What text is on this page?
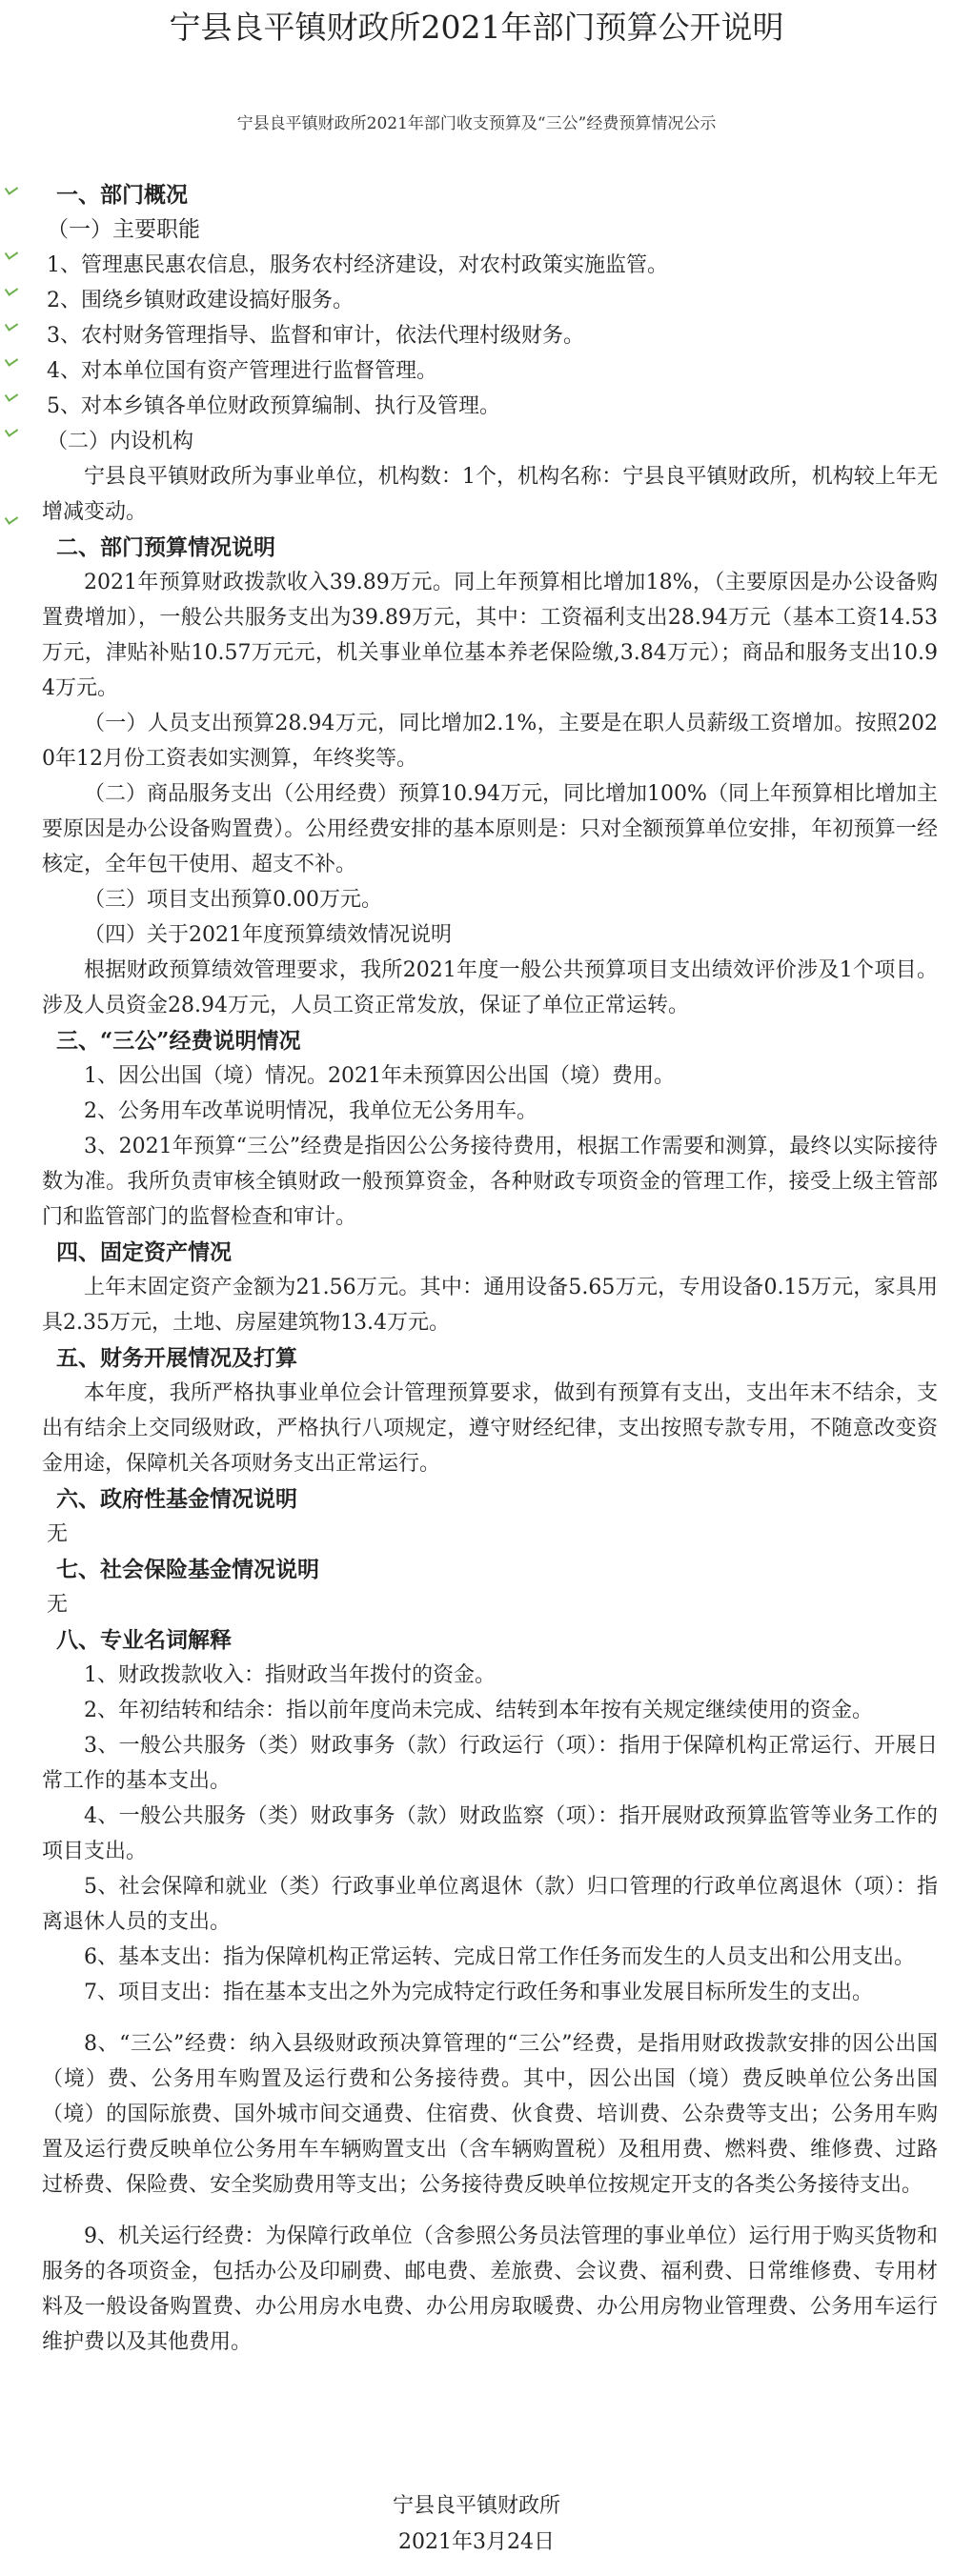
宁县良平镇财政所2021年部门预算公开说明
宁县良平镇财政所2021年部门收支预算及“三公”经费预算情况公示

一、部门概况

（一）主要职能

1、管理惠民惠农信息，服务农村经济建设，对农村政策实施监管。

2、围绕乡镇财政建设搞好服务。

3、农村财务管理指导、监督和审计，依法代理村级财务。

4、对本单位国有资产管理进行监督管理。

5、对本乡镇各单位财政预算编制、执行及管理。

（二）内设机构

宁县良平镇财政所为事业单位，机构数：1个，机构名称：宁县良平镇财政所，机构较上年无增减变动。

二、部门预算情况说明

2021年预算财政拨款收入39.89万元。同上年预算相比增加18%，（主要原因是办公设备购置费增加），一般公共服务支出为39.89万元，其中：工资福利支出28.94万元（基本工资14.53万元，津贴补贴10.57万元元，机关事业单位基本养老保险缴,3.84万元）；商品和服务支出10.94万元。

（一）人员支出预算28.94万元，同比增加2.1%，主要是在职人员薪级工资增加。按照2020年12月份工资表如实测算，年终奖等。

（二）商品服务支出（公用经费）预算10.94万元，同比增加100%（同上年预算相比增加主要原因是办公设备购置费）。公用经费安排的基本原则是：只对全额预算单位安排，年初预算一经核定，全年包干使用、超支不补。

（三）项目支出预算0.00万元。

（四）关于2021年度预算绩效情况说明

根据财政预算绩效管理要求，我所2021年度一般公共预算项目支出绩效评价涉及1个项目。涉及人员资金28.94万元，人员工资正常发放，保证了单位正常运转。

三、“三公”经费说明情况

1、因公出国（境）情况。2021年未预算因公出国（境）费用。

2、公务用车改革说明情况，我单位无公务用车。

3、2021年预算“三公”经费是指因公公务接待费用，根据工作需要和测算，最终以实际接待数为准。我所负责审核全镇财政一般预算资金，各种财政专项资金的管理工作，接受上级主管部门和监管部门的监督检查和审计。

四、固定资产情况

上年末固定资产金额为21.56万元。其中：通用设备5.65万元，专用设备0.15万元，家具用具2.35万元，土地、房屋建筑物13.4万元。

五、财务开展情况及打算

本年度，我所严格执事业单位会计管理预算要求，做到有预算有支出，支出年末不结余，支出有结余上交同级财政，严格执行八项规定，遵守财经纪律，支出按照专款专用，不随意改变资金用途，保障机关各项财务支出正常运行。

六、政府性基金情况说明

无

七、社会保险基金情况说明

无

八、专业名词解释

1、财政拨款收入：指财政当年拨付的资金。

2、年初结转和结余：指以前年度尚未完成、结转到本年按有关规定继续使用的资金。

3、一般公共服务（类）财政事务（款）行政运行（项）：指用于保障机构正常运行、开展日常工作的基本支出。

4、一般公共服务（类）财政事务（款）财政监察（项）：指开展财政预算监管等业务工作的项目支出。

5、社会保障和就业（类）行政事业单位离退休（款）归口管理的行政单位离退休（项）：指离退休人员的支出。

6、基本支出：指为保障机构正常运转、完成日常工作任务而发生的人员支出和公用支出。

7、项目支出：指在基本支出之外为完成特定行政任务和事业发展目标所发生的支出。

8、“三公”经费：纳入县级财政预决算管理的“三公”经费，是指用财政拨款安排的因公出国（境）费、公务用车购置及运行费和公务接待费。其中，因公出国（境）费反映单位公务出国（境）的国际旅费、国外城市间交通费、住宿费、伙食费、培训费、公杂费等支出；公务用车购置及运行费反映单位公务用车车辆购置支出（含车辆购置税）及租用费、燃料费、维修费、过路过桥费、保险费、安全奖励费用等支出；公务接待费反映单位按规定开支的各类公务接待支出。

9、机关运行经费：为保障行政单位（含参照公务员法管理的事业单位）运行用于购买货物和服务的各项资金，包括办公及印刷费、邮电费、差旅费、会议费、福利费、日常维修费、专用材料及一般设备购置费、办公用房水电费、办公用房取暖费、办公用房物业管理费、公务用车运行维护费以及其他费用。

宁县良平镇财政所
2021年3月24日
